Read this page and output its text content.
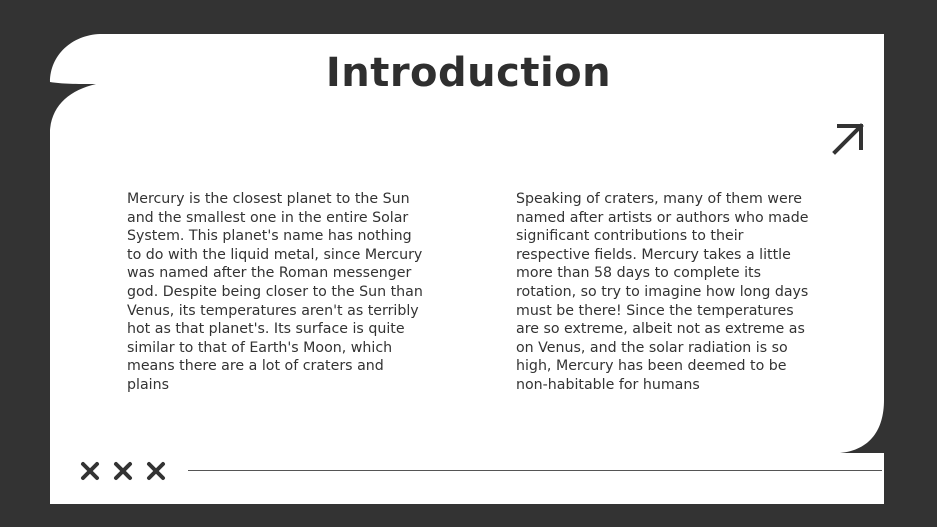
Introduction

Mercury is the closest planet to the Sun and the smallest one in the entire Solar System. This planet's name has nothing to do with the liquid metal, since Mercury was named after the Roman messenger god. Despite being closer to the Sun than Venus, its temperatures aren't as terribly hot as that planet's. Its surface is quite similar to that of Earth's Moon, which means there are a lot of craters and plains

Speaking of craters, many of them were named after artists or authors who made significant contributions to their respective fields. Mercury takes a little more than 58 days to complete its rotation, so try to imagine how long days must be there! Since the temperatures are so extreme, albeit not as extreme as on Venus, and the solar radiation is so high, Mercury has been deemed to be non-habitable for humans
